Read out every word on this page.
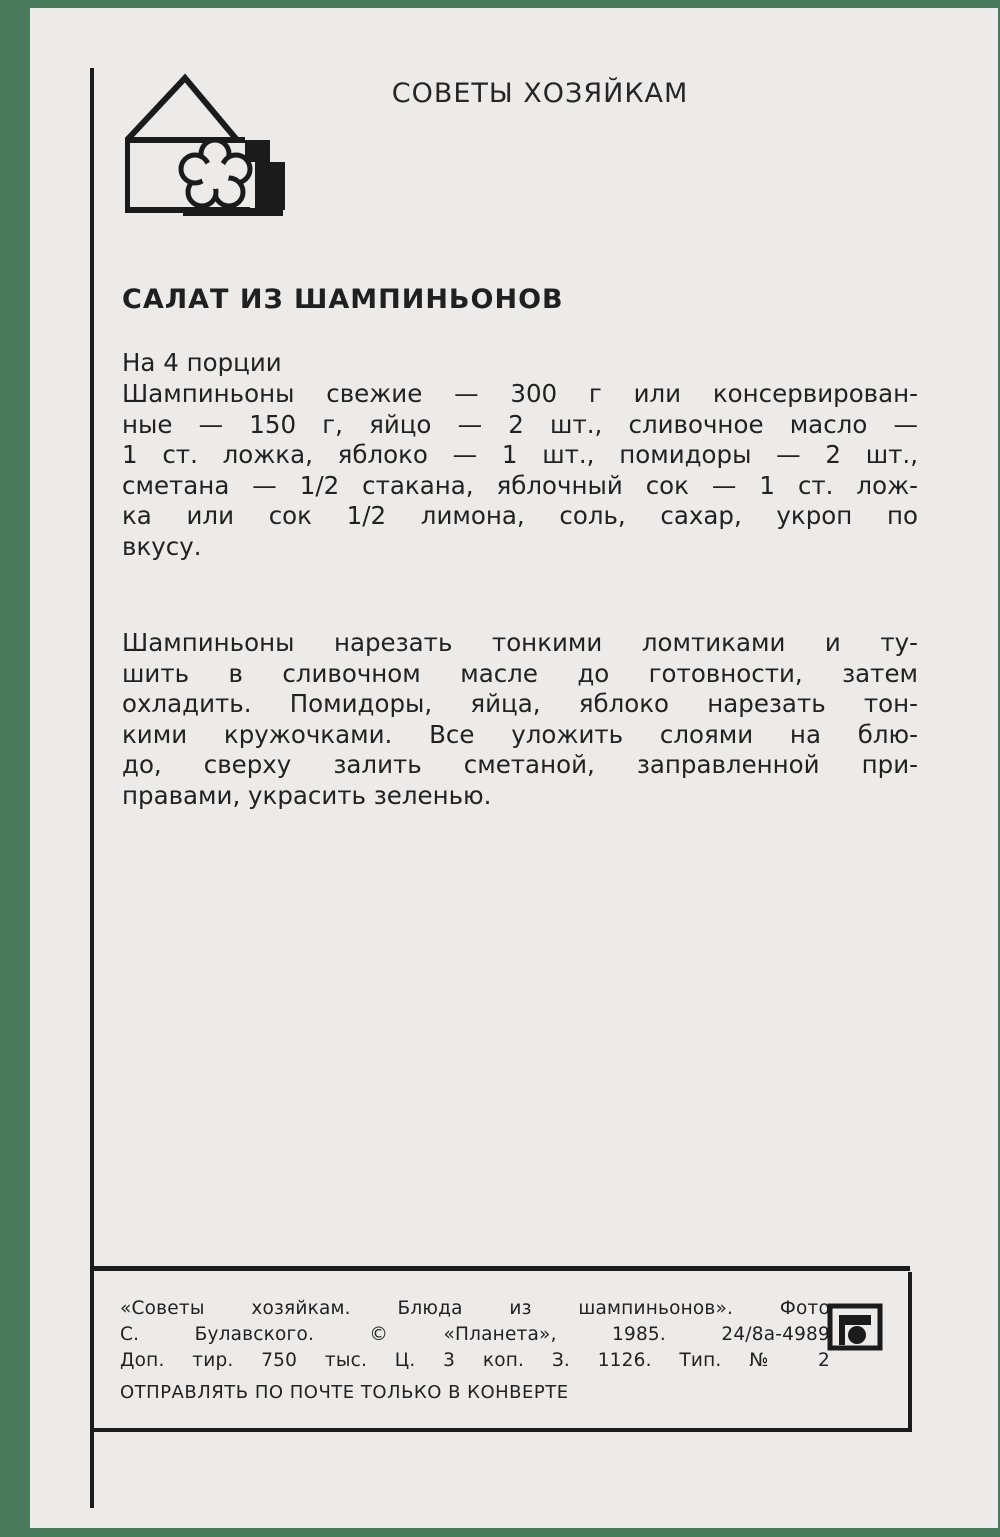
СОВЕТЫ ХОЗЯЙКАМ
САЛАТ ИЗ ШАМПИНЬОНОВ
На 4 порции
Шампиньоны свежие — 300 г или консервирован-
ные — 150 г, яйцо — 2 шт., сливочное масло —
1 ст. ложка, яблоко — 1 шт., помидоры — 2 шт.,
сметана — 1/2 стакана, яблочный сок — 1 ст. лож-
ка или сок 1/2 лимона, соль, сахар, укроп по
вкусу.
Шампиньоны нарезать тонкими ломтиками и ту-
шить в сливочном масле до готовности, затем
охладить. Помидоры, яйца, яблоко нарезать тон-
кими кружочками. Все уложить слоями на блю-
до, сверху залить сметаной, заправленной при-
правами, украсить зеленью.
«Советы хозяйкам. Блюда из шампиньонов». Фото
С. Булавского. © «Планета», 1985. 24/8а-4989
Доп. тир. 750 тыс. Ц. 3 коп. З. 1126. Тип. № 2
ОТПРАВЛЯТЬ ПО ПОЧТЕ ТОЛЬКО В КОНВЕРТЕ
